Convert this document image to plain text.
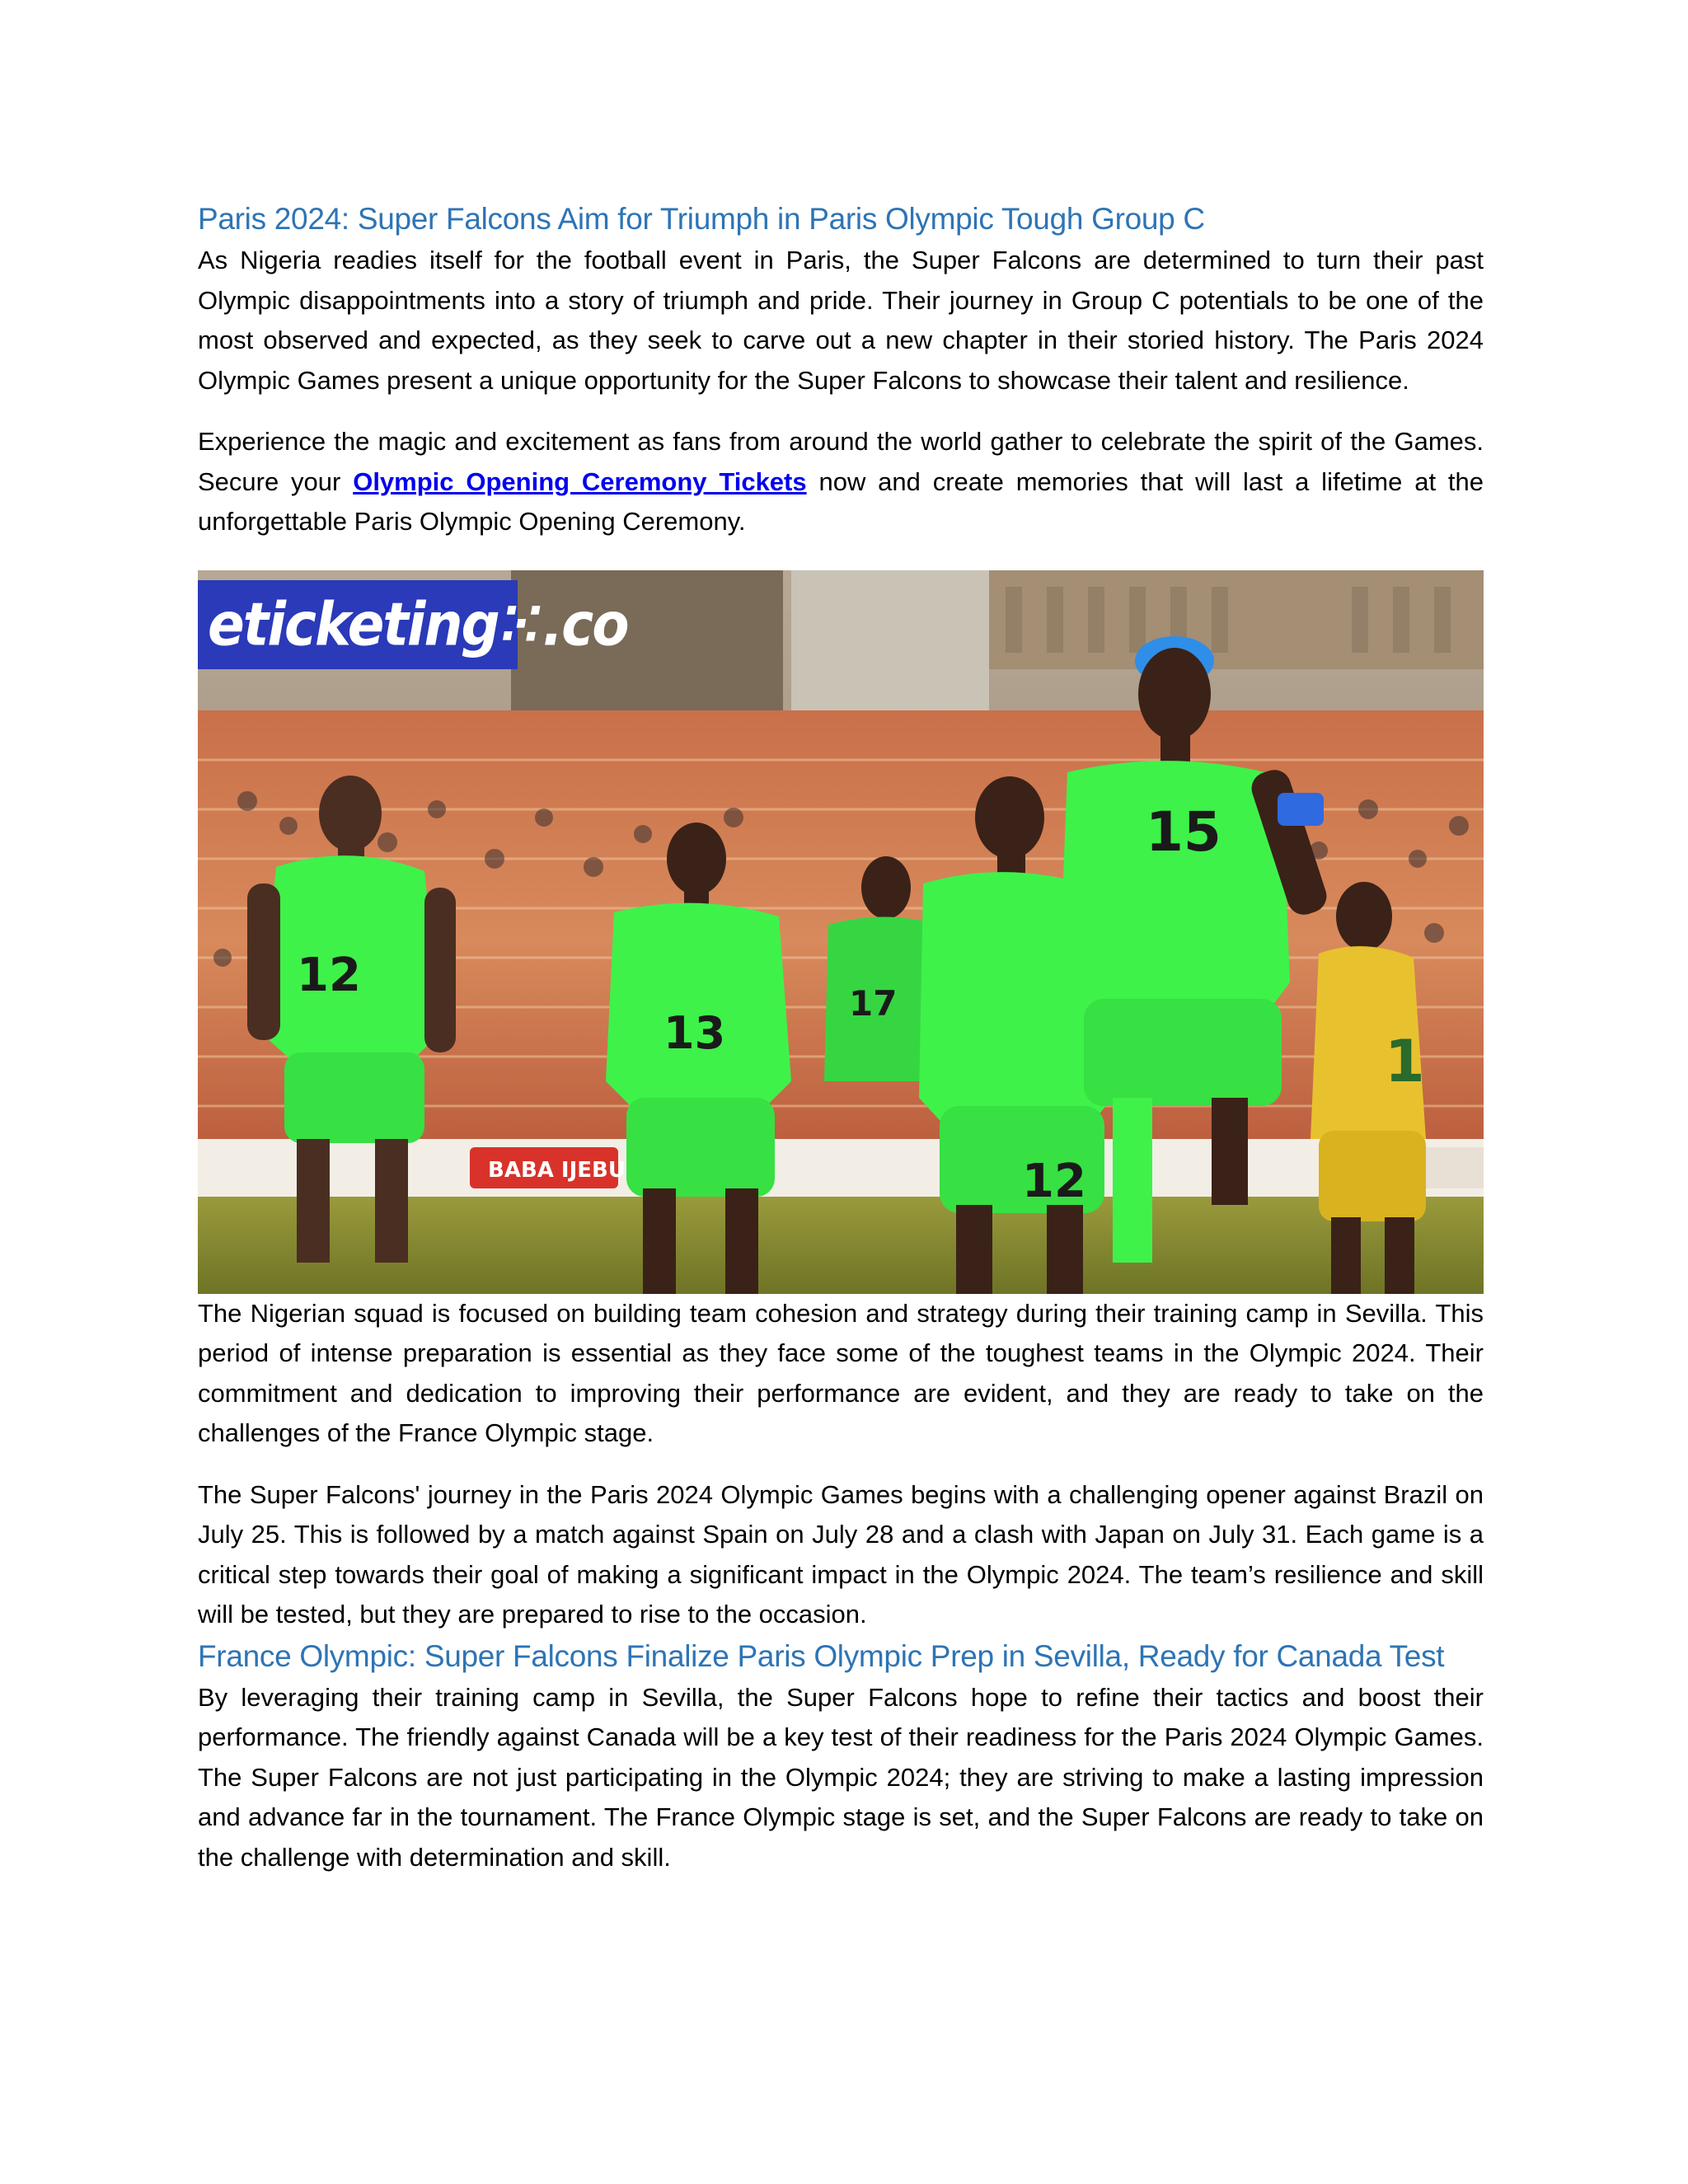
Paris 2024: Super Falcons Aim for Triumph in Paris Olympic Tough Group C

As Nigeria readies itself for the football event in Paris, the Super Falcons are determined to turn their past Olympic disappointments into a story of triumph and pride. Their journey in Group C potentials to be one of the most observed and expected, as they seek to carve out a new chapter in their storied history. The Paris 2024 Olympic Games present a unique opportunity for the Super Falcons to showcase their talent and resilience.

Experience the magic and excitement as fans from around the world gather to celebrate the spirit of the Games. Secure your Olympic Opening Ceremony Tickets now and create memories that will last a lifetime at the unforgettable Paris Olympic Opening Ceremony.

BABA IJEBU
12
13
17
12
15
1
eticketing⁙.co

The Nigerian squad is focused on building team cohesion and strategy during their training camp in Sevilla. This period of intense preparation is essential as they face some of the toughest teams in the Olympic 2024. Their commitment and dedication to improving their performance are evident, and they are ready to take on the challenges of the France Olympic stage.

The Super Falcons' journey in the Paris 2024 Olympic Games begins with a challenging opener against Brazil on July 25. This is followed by a match against Spain on July 28 and a clash with Japan on July 31. Each game is a critical step towards their goal of making a significant impact in the Olympic 2024. The team’s resilience and skill will be tested, but they are prepared to rise to the occasion.

France Olympic: Super Falcons Finalize Paris Olympic Prep in Sevilla, Ready for Canada Test

By leveraging their training camp in Sevilla, the Super Falcons hope to refine their tactics and boost their performance. The friendly against Canada will be a key test of their readiness for the Paris 2024 Olympic Games. The Super Falcons are not just participating in the Olympic 2024; they are striving to make a lasting impression and advance far in the tournament. The France Olympic stage is set, and the Super Falcons are ready to take on the challenge with determination and skill.
